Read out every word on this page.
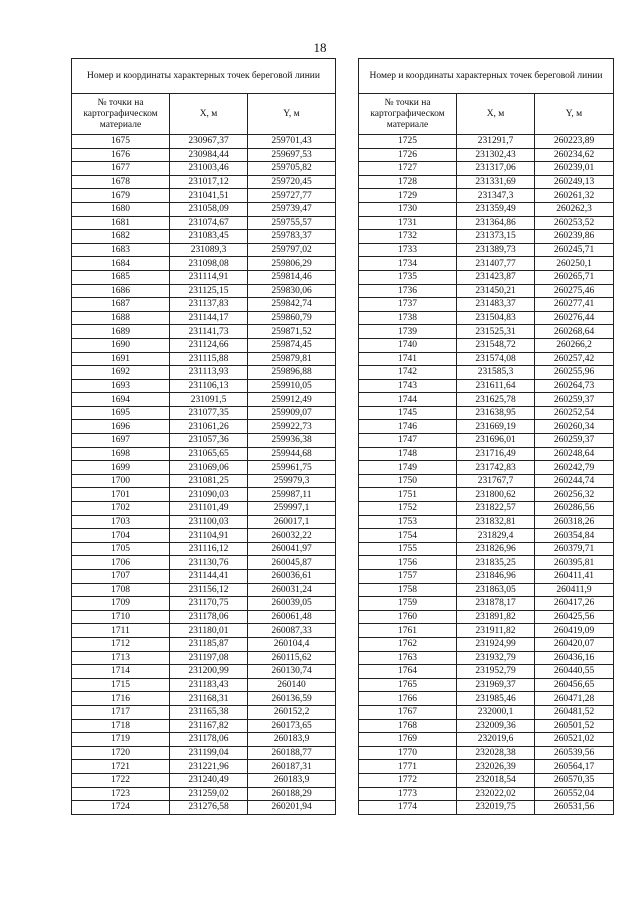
18
Номер и координаты характерных точек береговой линии		
№ точки на картографическом материале	X, м	Y, м
1675	230967,37	259701,43
1676	230984,44	259697,53
1677	231003,46	259705,82
1678	231017,12	259720,45
1679	231041,51	259727,77
1680	231058,09	259739,47
1681	231074,67	259755,57
1682	231083,45	259783,37
1683	231089,3	259797,02
1684	231098,08	259806,29
1685	231114,91	259814,46
1686	231125,15	259830,06
1687	231137,83	259842,74
1688	231144,17	259860,79
1689	231141,73	259871,52
1690	231124,66	259874,45
1691	231115,88	259879,81
1692	231113,93	259896,88
1693	231106,13	259910,05
1694	231091,5	259912,49
1695	231077,35	259909,07
1696	231061,26	259922,73
1697	231057,36	259936,38
1698	231065,65	259944,68
1699	231069,06	259961,75
1700	231081,25	259979,3
1701	231090,03	259987,11
1702	231101,49	259997,1
1703	231100,03	260017,1
1704	231104,91	260032,22
1705	231116,12	260041,97
1706	231130,76	260045,87
1707	231144,41	260036,61
1708	231156,12	260031,24
1709	231170,75	260039,05
1710	231178,06	260061,48
1711	231180,01	260087,33
1712	231185,87	260104,4
1713	231197,08	260115,62
1714	231200,99	260130,74
1715	231183,43	260140
1716	231168,31	260136,59
1717	231165,38	260152,2
1718	231167,82	260173,65
1719	231178,06	260183,9
1720	231199,04	260188,77
1721	231221,96	260187,31
1722	231240,49	260183,9
1723	231259,02	260188,29
1724	231276,58	260201,94
Номер и координаты характерных точек береговой линии		
№ точки на картографическом материале	X, м	Y, м
1725	231291,7	260223,89
1726	231302,43	260234,62
1727	231317,06	260239,01
1728	231331,69	260249,13
1729	231347,3	260261,32
1730	231359,49	260262,3
1731	231364,86	260253,52
1732	231373,15	260239,86
1733	231389,73	260245,71
1734	231407,77	260250,1
1735	231423,87	260265,71
1736	231450,21	260275,46
1737	231483,37	260277,41
1738	231504,83	260276,44
1739	231525,31	260268,64
1740	231548,72	260266,2
1741	231574,08	260257,42
1742	231585,3	260255,96
1743	231611,64	260264,73
1744	231625,78	260259,37
1745	231638,95	260252,54
1746	231669,19	260260,34
1747	231696,01	260259,37
1748	231716,49	260248,64
1749	231742,83	260242,79
1750	231767,7	260244,74
1751	231800,62	260256,32
1752	231822,57	260286,56
1753	231832,81	260318,26
1754	231829,4	260354,84
1755	231826,96	260379,71
1756	231835,25	260395,81
1757	231846,96	260411,41
1758	231863,05	260411,9
1759	231878,17	260417,26
1760	231891,82	260425,56
1761	231911,82	260419,09
1762	231924,99	260420,07
1763	231932,79	260436,16
1764	231952,79	260440,55
1765	231969,37	260456,65
1766	231985,46	260471,28
1767	232000,1	260481,52
1768	232009,36	260501,52
1769	232019,6	260521,02
1770	232028,38	260539,56
1771	232026,39	260564,17
1772	232018,54	260570,35
1773	232022,02	260552,04
1774	232019,75	260531,56
